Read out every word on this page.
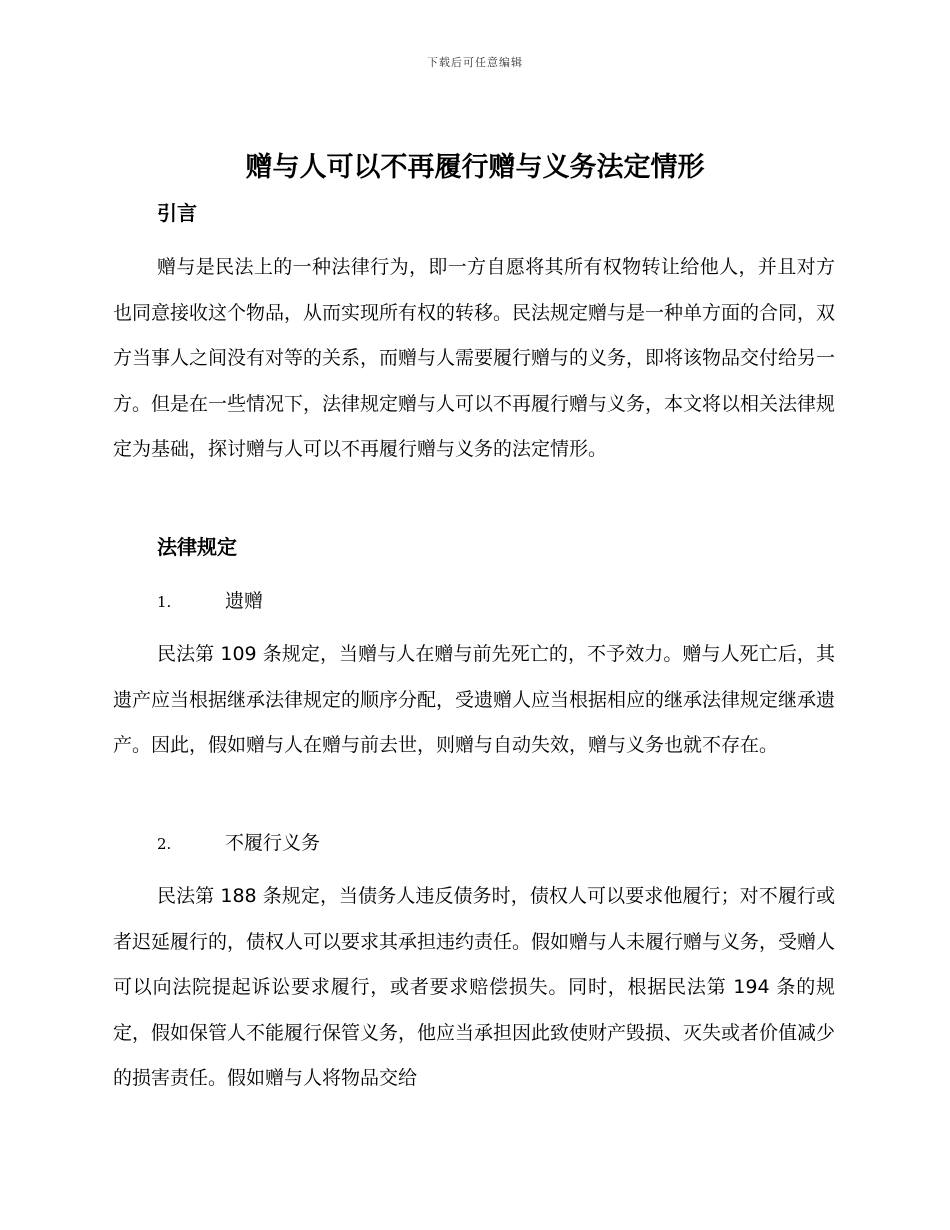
下载后可任意编辑
赠与人可以不再履行赠与义务法定情形
引言
赠与是民法上的一种法律行为，即一方自愿将其所有权物转让给他人，并且对方也同意接收这个物品，从而实现所有权的转移。民法规定赠与是一种单方面的合同，双方当事人之间没有对等的关系，而赠与人需要履行赠与的义务，即将该物品交付给另一方。但是在一些情况下，法律规定赠与人可以不再履行赠与义务，本文将以相关法律规定为基础，探讨赠与人可以不再履行赠与义务的法定情形。
法律规定
1.	遗赠
民法第 109 条规定，当赠与人在赠与前先死亡的，不予效力。赠与人死亡后，其遗产应当根据继承法律规定的顺序分配，受遗赠人应当根据相应的继承法律规定继承遗产。因此，假如赠与人在赠与前去世，则赠与自动失效，赠与义务也就不存在。
2.	不履行义务
民法第 188 条规定，当债务人违反债务时，债权人可以要求他履行；对不履行或者迟延履行的，债权人可以要求其承担违约责任。假如赠与人未履行赠与义务，受赠人可以向法院提起诉讼要求履行，或者要求赔偿损失。同时，根据民法第 194 条的规定，假如保管人不能履行保管义务，他应当承担因此致使财产毁损、灭失或者价值减少的损害责任。假如赠与人将物品交给
